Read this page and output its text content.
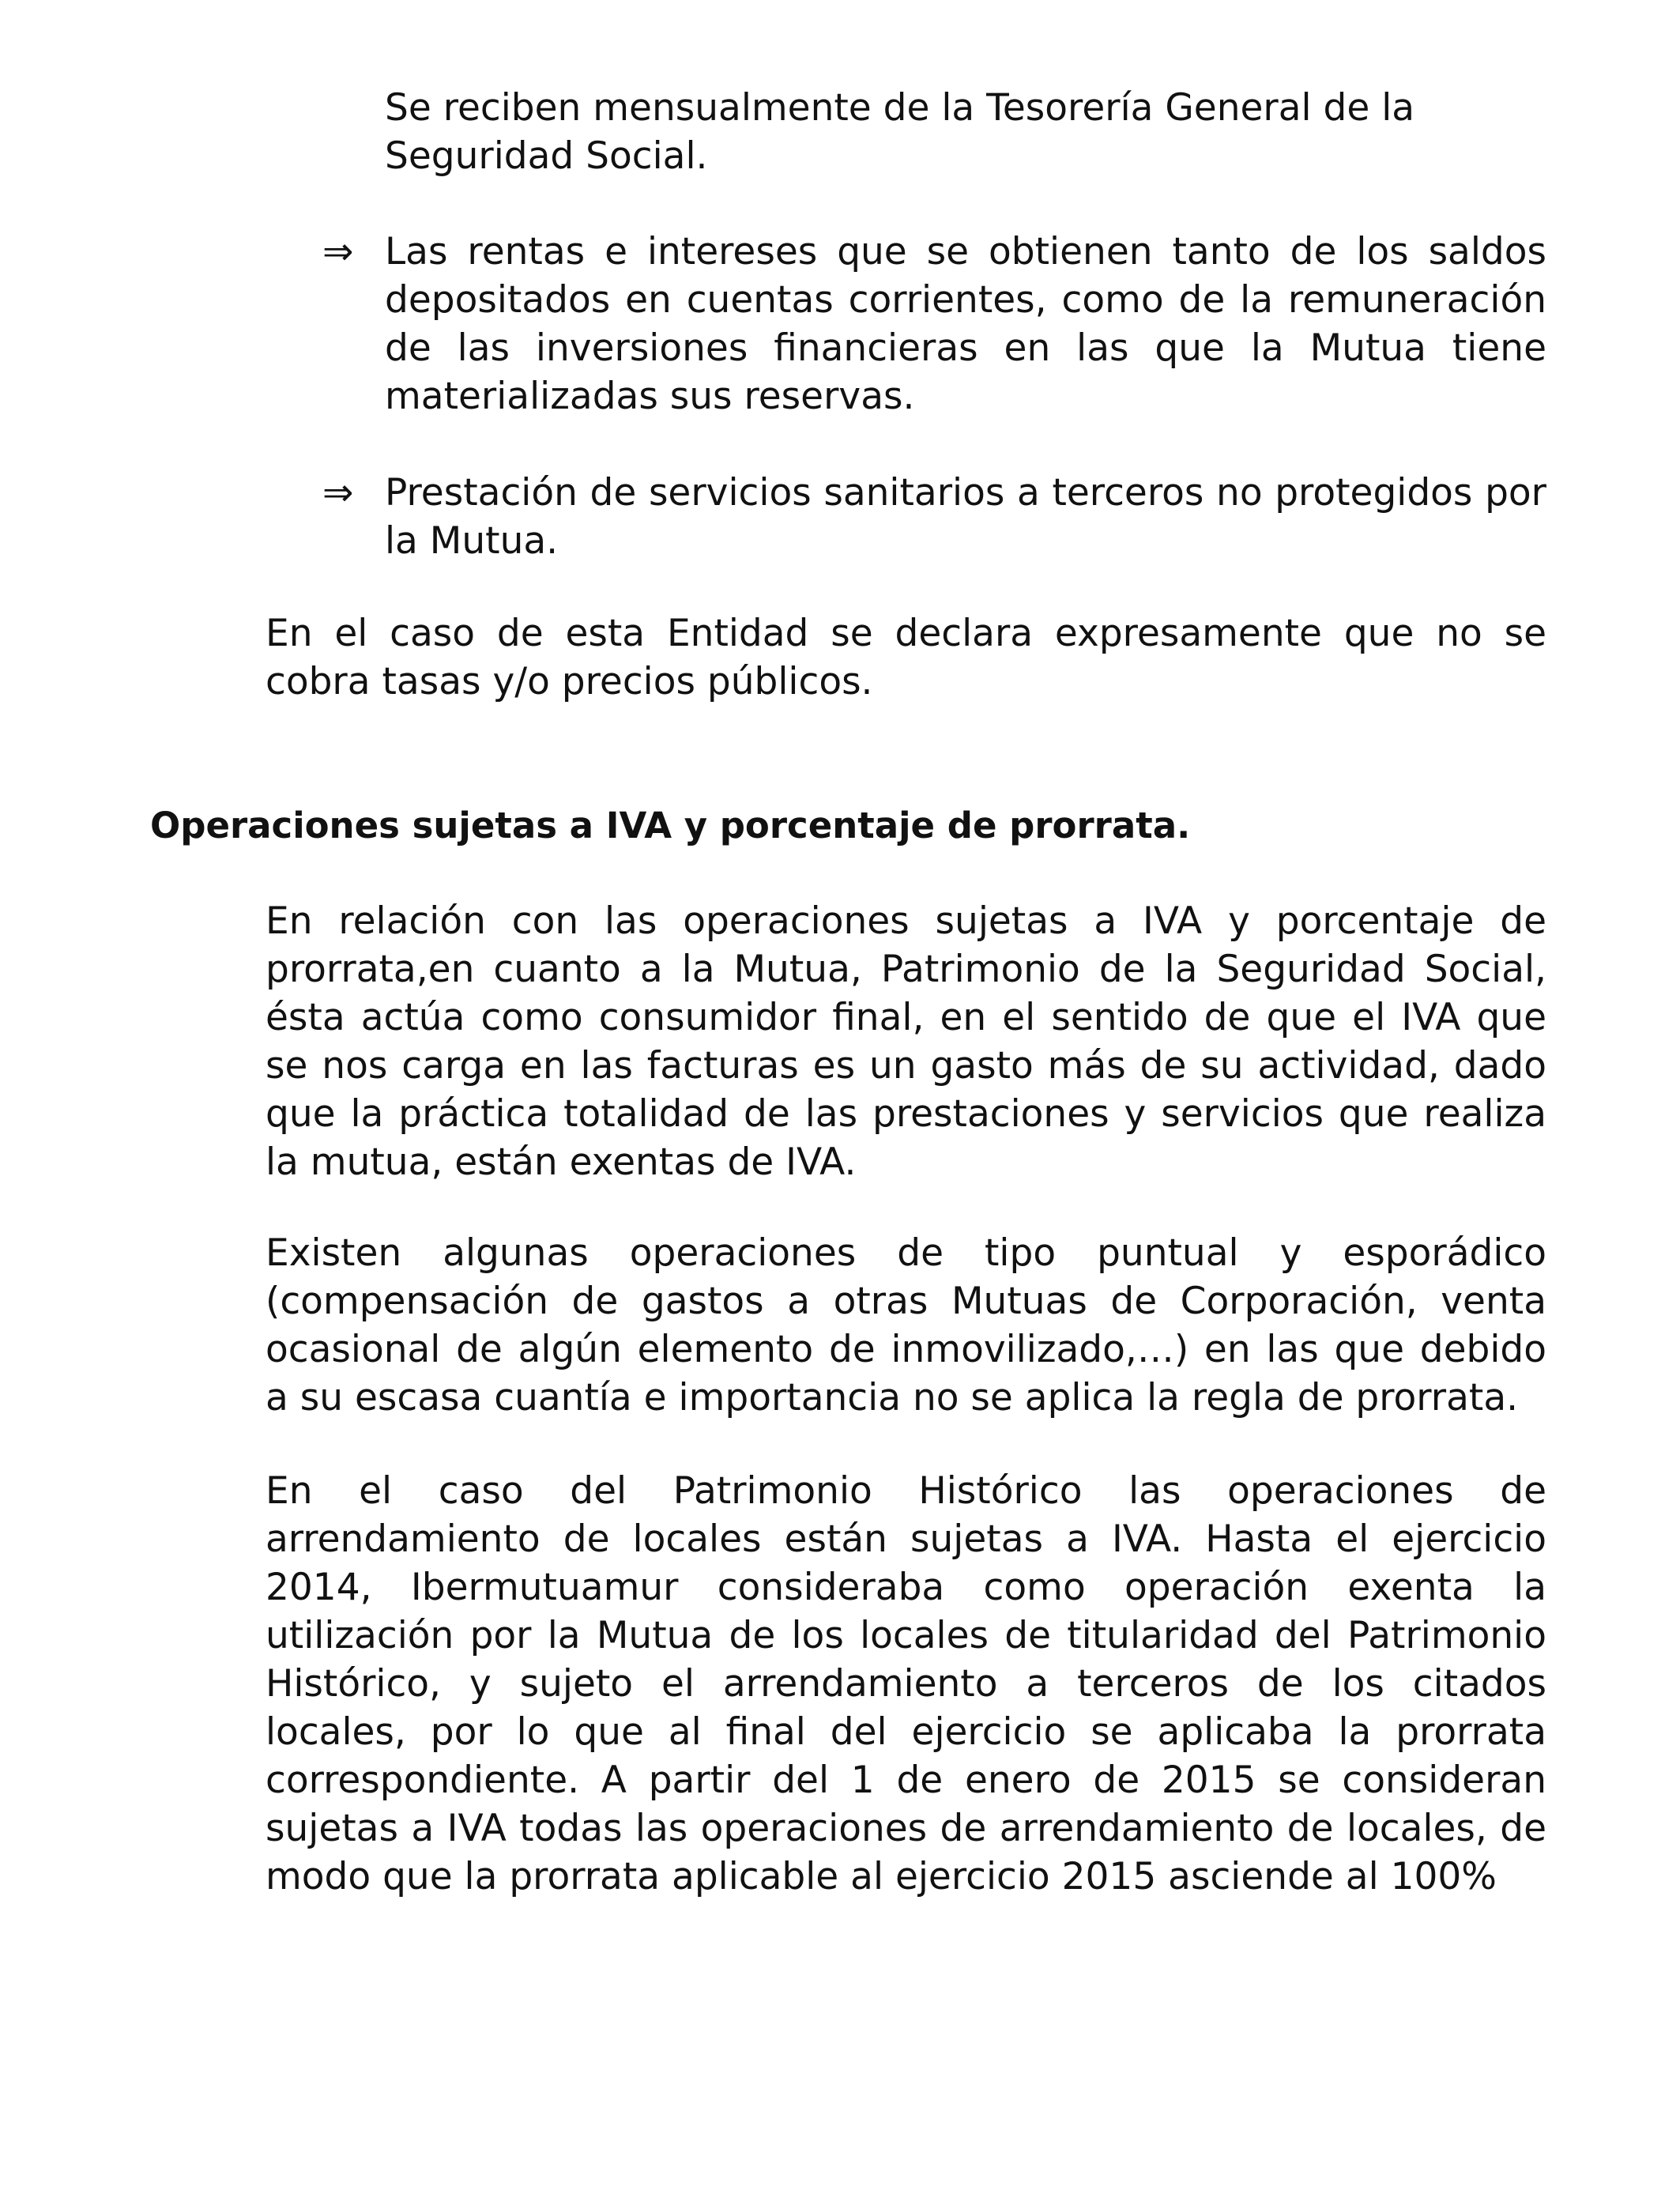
Se reciben mensualmente de la Tesorería General de la Seguridad Social.

⇒ Las rentas e intereses que se obtienen tanto de los saldos depositados en cuentas corrientes, como de la remuneración de las inversiones financieras en las que la Mutua tiene materializadas sus reservas.

⇒ Prestación de servicios sanitarios a terceros no protegidos por la Mutua.

En el caso de esta Entidad se declara expresamente que no se cobra tasas y/o precios públicos.

Operaciones sujetas a IVA y porcentaje de prorrata.

En relación con las operaciones sujetas a IVA y porcentaje de prorrata,en cuanto a la Mutua, Patrimonio de la Seguridad Social, ésta actúa como consumidor final, en el sentido de que el IVA que se nos carga en las facturas es un gasto más de su actividad, dado que la práctica totalidad de las prestaciones y servicios que realiza la mutua, están exentas de IVA.

Existen algunas operaciones de tipo puntual y esporádico (compensación de gastos a otras Mutuas de Corporación, venta ocasional de algún elemento de inmovilizado,…) en las que debido a su escasa cuantía e importancia no se aplica la regla de prorrata.

En el caso del Patrimonio Histórico las operaciones de arrendamiento de locales están sujetas a IVA. Hasta el ejercicio 2014, Ibermutuamur consideraba como operación exenta la utilización por la Mutua de los locales de titularidad del Patrimonio Histórico, y sujeto el arrendamiento a terceros de los citados locales, por lo que al final del ejercicio se aplicaba la prorrata correspondiente. A partir del 1 de enero de 2015 se consideran sujetas a IVA todas las operaciones de arrendamiento de locales, de modo que la prorrata aplicable al ejercicio 2015 asciende al 100%
